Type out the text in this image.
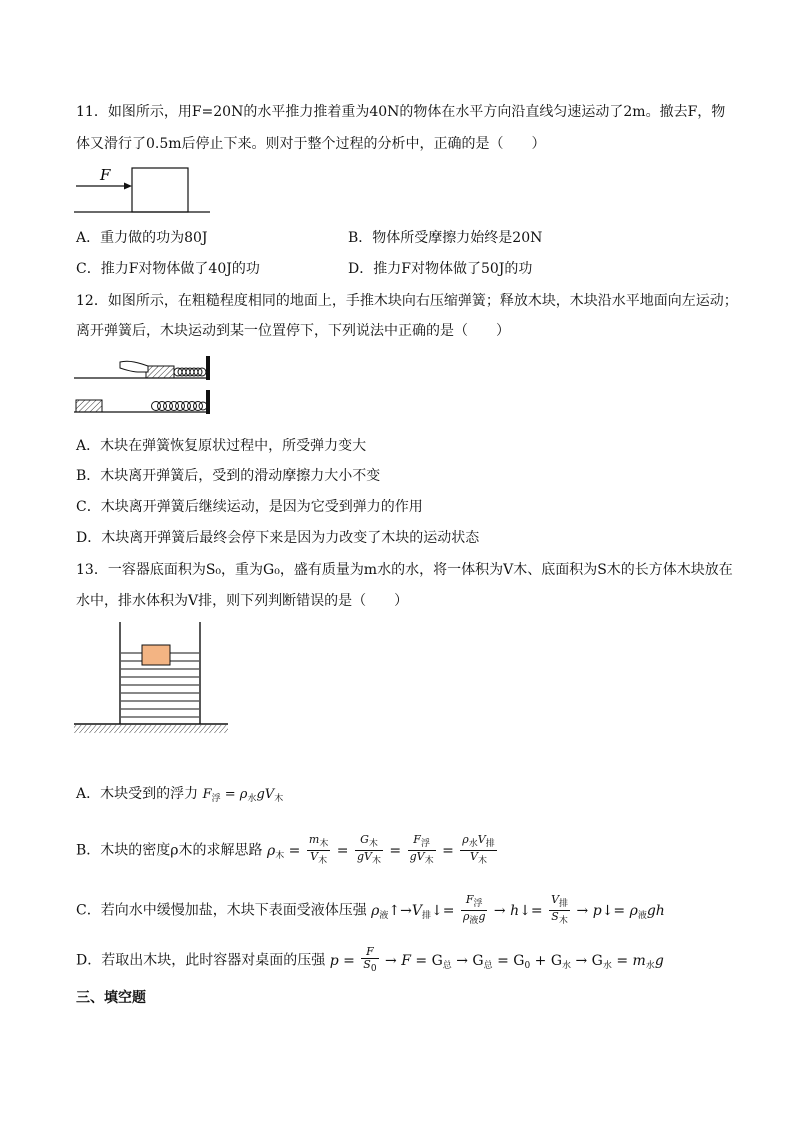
11．如图所示，用F=20N的水平推力推着重为40N的物体在水平方向沿直线匀速运动了2m。撤去F，物
体又滑行了0.5m后停止下来。则对于整个过程的分析中，正确的是（　　）
F
A．重力做的功为80J	B．物体所受摩擦力始终是20N
C．推力F对物体做了40J的功	D．推力F对物体做了50J的功
12．如图所示，在粗糙程度相同的地面上，手推木块向右压缩弹簧；释放木块，木块沿水平地面向左运动；
离开弹簧后，木块运动到某一位置停下，下列说法中正确的是（　　）
A．木块在弹簧恢复原状过程中，所受弹力变大
B．木块离开弹簧后，受到的滑动摩擦力大小不变
C．木块离开弹簧后继续运动，是因为它受到弹力的作用
D．木块离开弹簧后最终会停下来是因为力改变了木块的运动状态
13．一容器底面积为S₀，重为G₀，盛有质量为m水的水，将一体积为V木、底面积为S木的长方体木块放在
水中，排水体积为V排，则下列判断错误的是（　　）
A．木块受到的浮力 $F_浮 = \rho_水gV_木$
B．木块的密度ρ木的求解思路 $\rho_木 = \frac{m_木}{V_木} = \frac{G_木}{gV_木} = \frac{F_浮}{gV_木} = \frac{\rho_水V_排}{V_木}$
C．若向水中缓慢加盐，木块下表面受液体压强 $\rho_液↑\to V_排↓= \frac{F_浮}{\rho_液g}$ → h↓= $\frac{V_排}{S_木}$ → p↓= $\rho_液gh$
D．若取出木块，此时容器对桌面的压强 $p = \frac{F}{S_0} \to F = G_总 \to G_总 = G_0 + G_水 \to G_水 = m_水g$
三、填空题
